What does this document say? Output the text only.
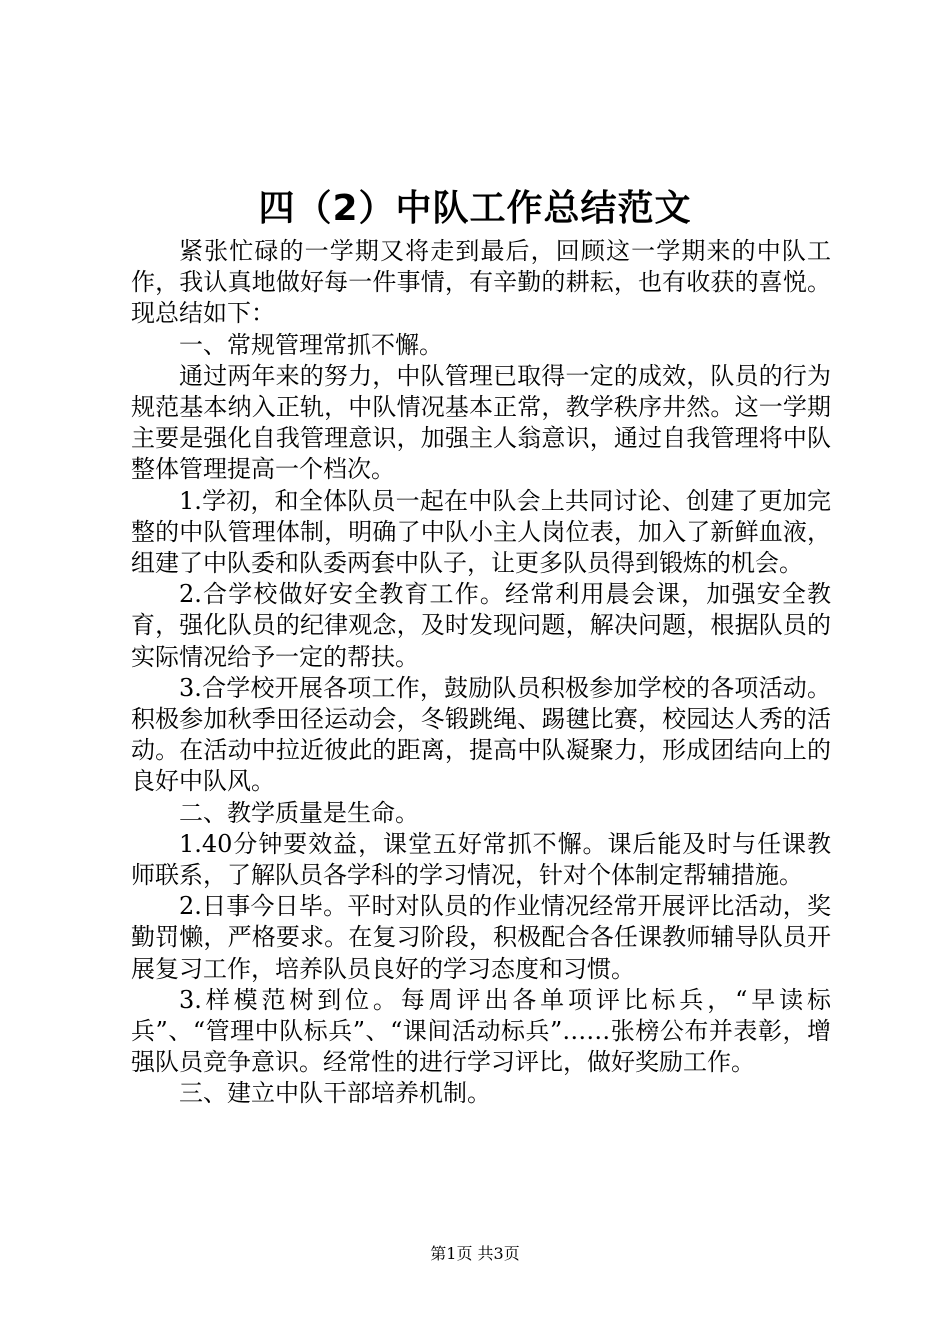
四（2）中队工作总结范文

紧张忙碌的一学期又将走到最后，回顾这一学期来的中队工作，我认真地做好每一件事情，有辛勤的耕耘，也有收获的喜悦。现总结如下：

一、常规管理常抓不懈。

通过两年来的努力，中队管理已取得一定的成效，队员的行为规范基本纳入正轨，中队情况基本正常，教学秩序井然。这一学期主要是强化自我管理意识，加强主人翁意识，通过自我管理将中队整体管理提高一个档次。

1.学初，和全体队员一起在中队会上共同讨论、创建了更加完整的中队管理体制，明确了中队小主人岗位表，加入了新鲜血液，组建了中队委和队委两套中队子，让更多队员得到锻炼的机会。

2.合学校做好安全教育工作。经常利用晨会课，加强安全教育，强化队员的纪律观念，及时发现问题，解决问题，根据队员的实际情况给予一定的帮扶。

3.合学校开展各项工作，鼓励队员积极参加学校的各项活动。积极参加秋季田径运动会，冬锻跳绳、踢毽比赛，校园达人秀的活动。在活动中拉近彼此的距离，提高中队凝聚力，形成团结向上的良好中队风。

二、教学质量是生命。

1.40分钟要效益，课堂五好常抓不懈。课后能及时与任课教师联系，了解队员各学科的学习情况，针对个体制定帮辅措施。

2.日事今日毕。平时对队员的作业情况经常开展评比活动，奖勤罚懒，严格要求。在复习阶段，积极配合各任课教师辅导队员开展复习工作，培养队员良好的学习态度和习惯。

3.样模范树到位。每周评出各单项评比标兵，“早读标兵”、“管理中队标兵”、“课间活动标兵”……张榜公布并表彰，增强队员竞争意识。经常性的进行学习评比，做好奖励工作。

三、建立中队干部培养机制。

第1页 共3页
